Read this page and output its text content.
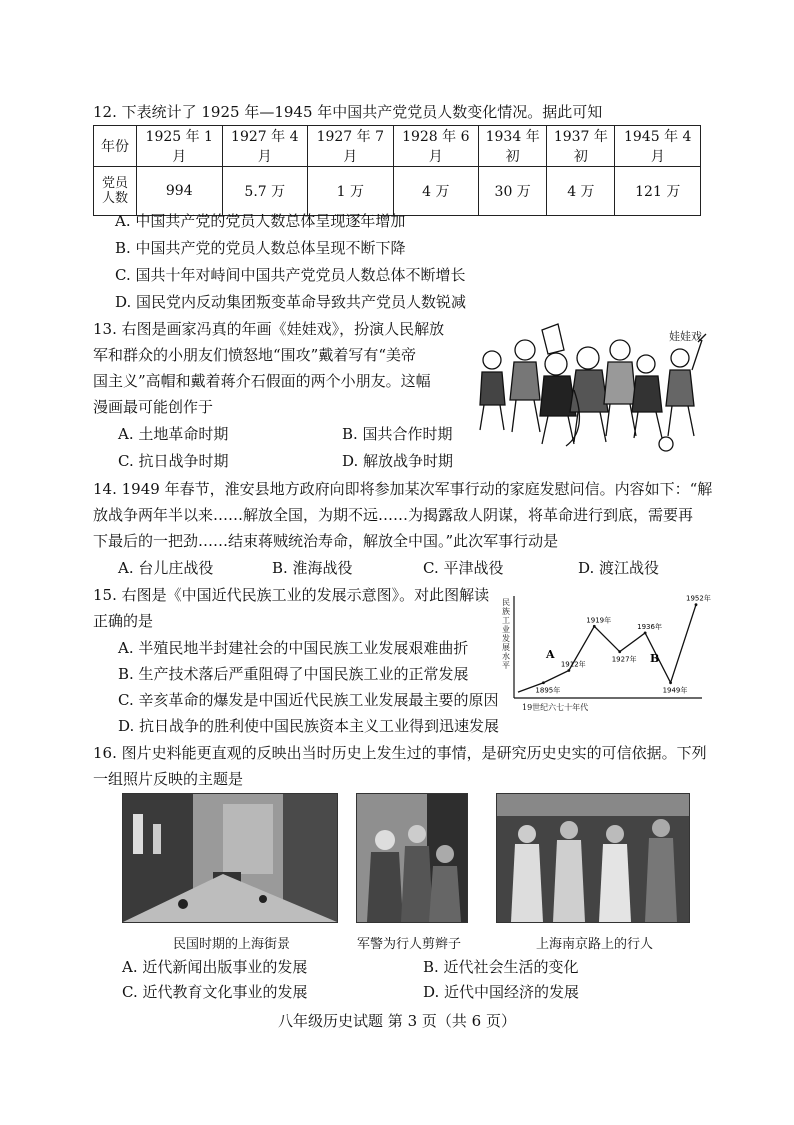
12. 下表统计了 1925 年—1945 年中国共产党党员人数变化情况。据此可知
年份	1925 年 1 月	1927 年 4 月	1927 年 7 月	1928 年 6 月	1934 年初	1937 年初	1945 年 4 月
党员
人数	994	5.7 万	1 万	4 万	30 万	4 万	121 万
A. 中国共产党的党员人数总体呈现逐年增加
B. 中国共产党的党员人数总体呈现不断下降
C. 国共十年对峙间中国共产党党员人数总体不断增长
D. 国民党内反动集团叛变革命导致共产党员人数锐减
13. 右图是画家冯真的年画《娃娃戏》，扮演人民解放
军和群众的小朋友们愤怒地“围攻”戴着写有“美帝
国主义”高帽和戴着蒋介石假面的两个小朋友。这幅
漫画最可能创作于
A. 土地革命时期	B. 国共合作时期
C. 抗日战争时期	D. 解放战争时期
娃娃戏
14. 1949 年春节，淮安县地方政府向即将参加某次军事行动的家庭发慰问信。内容如下：“解
放战争两年半以来……解放全国，为期不远……为揭露敌人阴谋，将革命进行到底，需要再
下最后的一把劲……结束蒋贼统治寿命，解放全中国。”此次军事行动是
A. 台儿庄战役	B. 淮海战役	C. 平津战役	D. 渡江战役
15. 右图是《中国近代民族工业的发展示意图》。对此图解读
正确的是
A. 半殖民地半封建社会的中国民族工业发展艰难曲折
B. 生产技术落后严重阻碍了中国民族工业的正常发展
C. 辛亥革命的爆发是中国近代民族工业发展最主要的原因
D. 抗日战争的胜利使中国民族资本主义工业得到迅速发展
1895年
1912年
1919年
1927年
1936年
1949年
1952年
A	B
民族工业发展水平
19世纪六七十年代
16. 图片史料能更直观的反映出当时历史上发生过的事情，是研究历史史实的可信依据。下列
一组照片反映的主题是
民国时期的上海街景	军警为行人剪辫子	上海南京路上的行人
A. 近代新闻出版事业的发展	B. 近代社会生活的变化
C. 近代教育文化事业的发展	D. 近代中国经济的发展
八年级历史试题 第 3 页（共 6 页）
